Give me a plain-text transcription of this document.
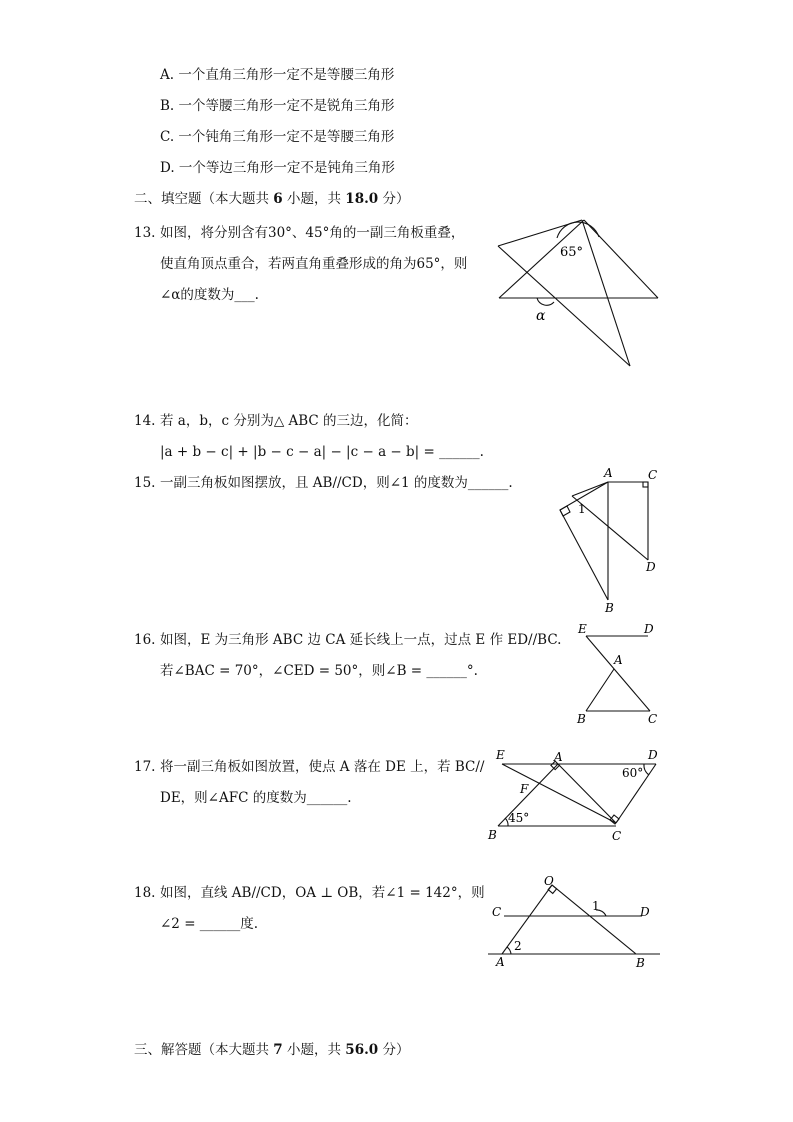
A. 一个直角三角形一定不是等腰三角形
B. 一个等腰三角形一定不是锐角三角形
C. 一个钝角三角形一定不是等腰三角形
D. 一个等边三角形一定不是钝角三角形
二、填空题（本大题共 6 小题，共 18.0 分）
13. 如图，将分别含有30°、45°角的一副三角板重叠，
使直角顶点重合，若两直角重叠形成的角为65°，则
∠α的度数为___.
65°
α
14. 若 a，b，c 分别为△ ABC 的三边，化简：
|a + b − c| + |b − c − a| − |c − a − b| = ______.
15. 一副三角板如图摆放，且 AB//CD，则∠1 的度数为______.
A	C
D
B
1
16. 如图，E 为三角形 ABC 边 CA 延长线上一点，过点 E 作 ED//BC.
若∠BAC = 70°，∠CED = 50°，则∠B = ______°.
E	D
A
B	C
17. 将一副三角板如图放置，使点 A 落在 DE 上，若 BC//
DE，则∠AFC 的度数为______.
E	A	D
F
B	C
60°
45°
18. 如图，直线 AB//CD，OA ⊥ OB，若∠1 = 142°，则
∠2 = ______度.
O
C	D
1
2
A	B
三、解答题（本大题共 7 小题，共 56.0 分）
